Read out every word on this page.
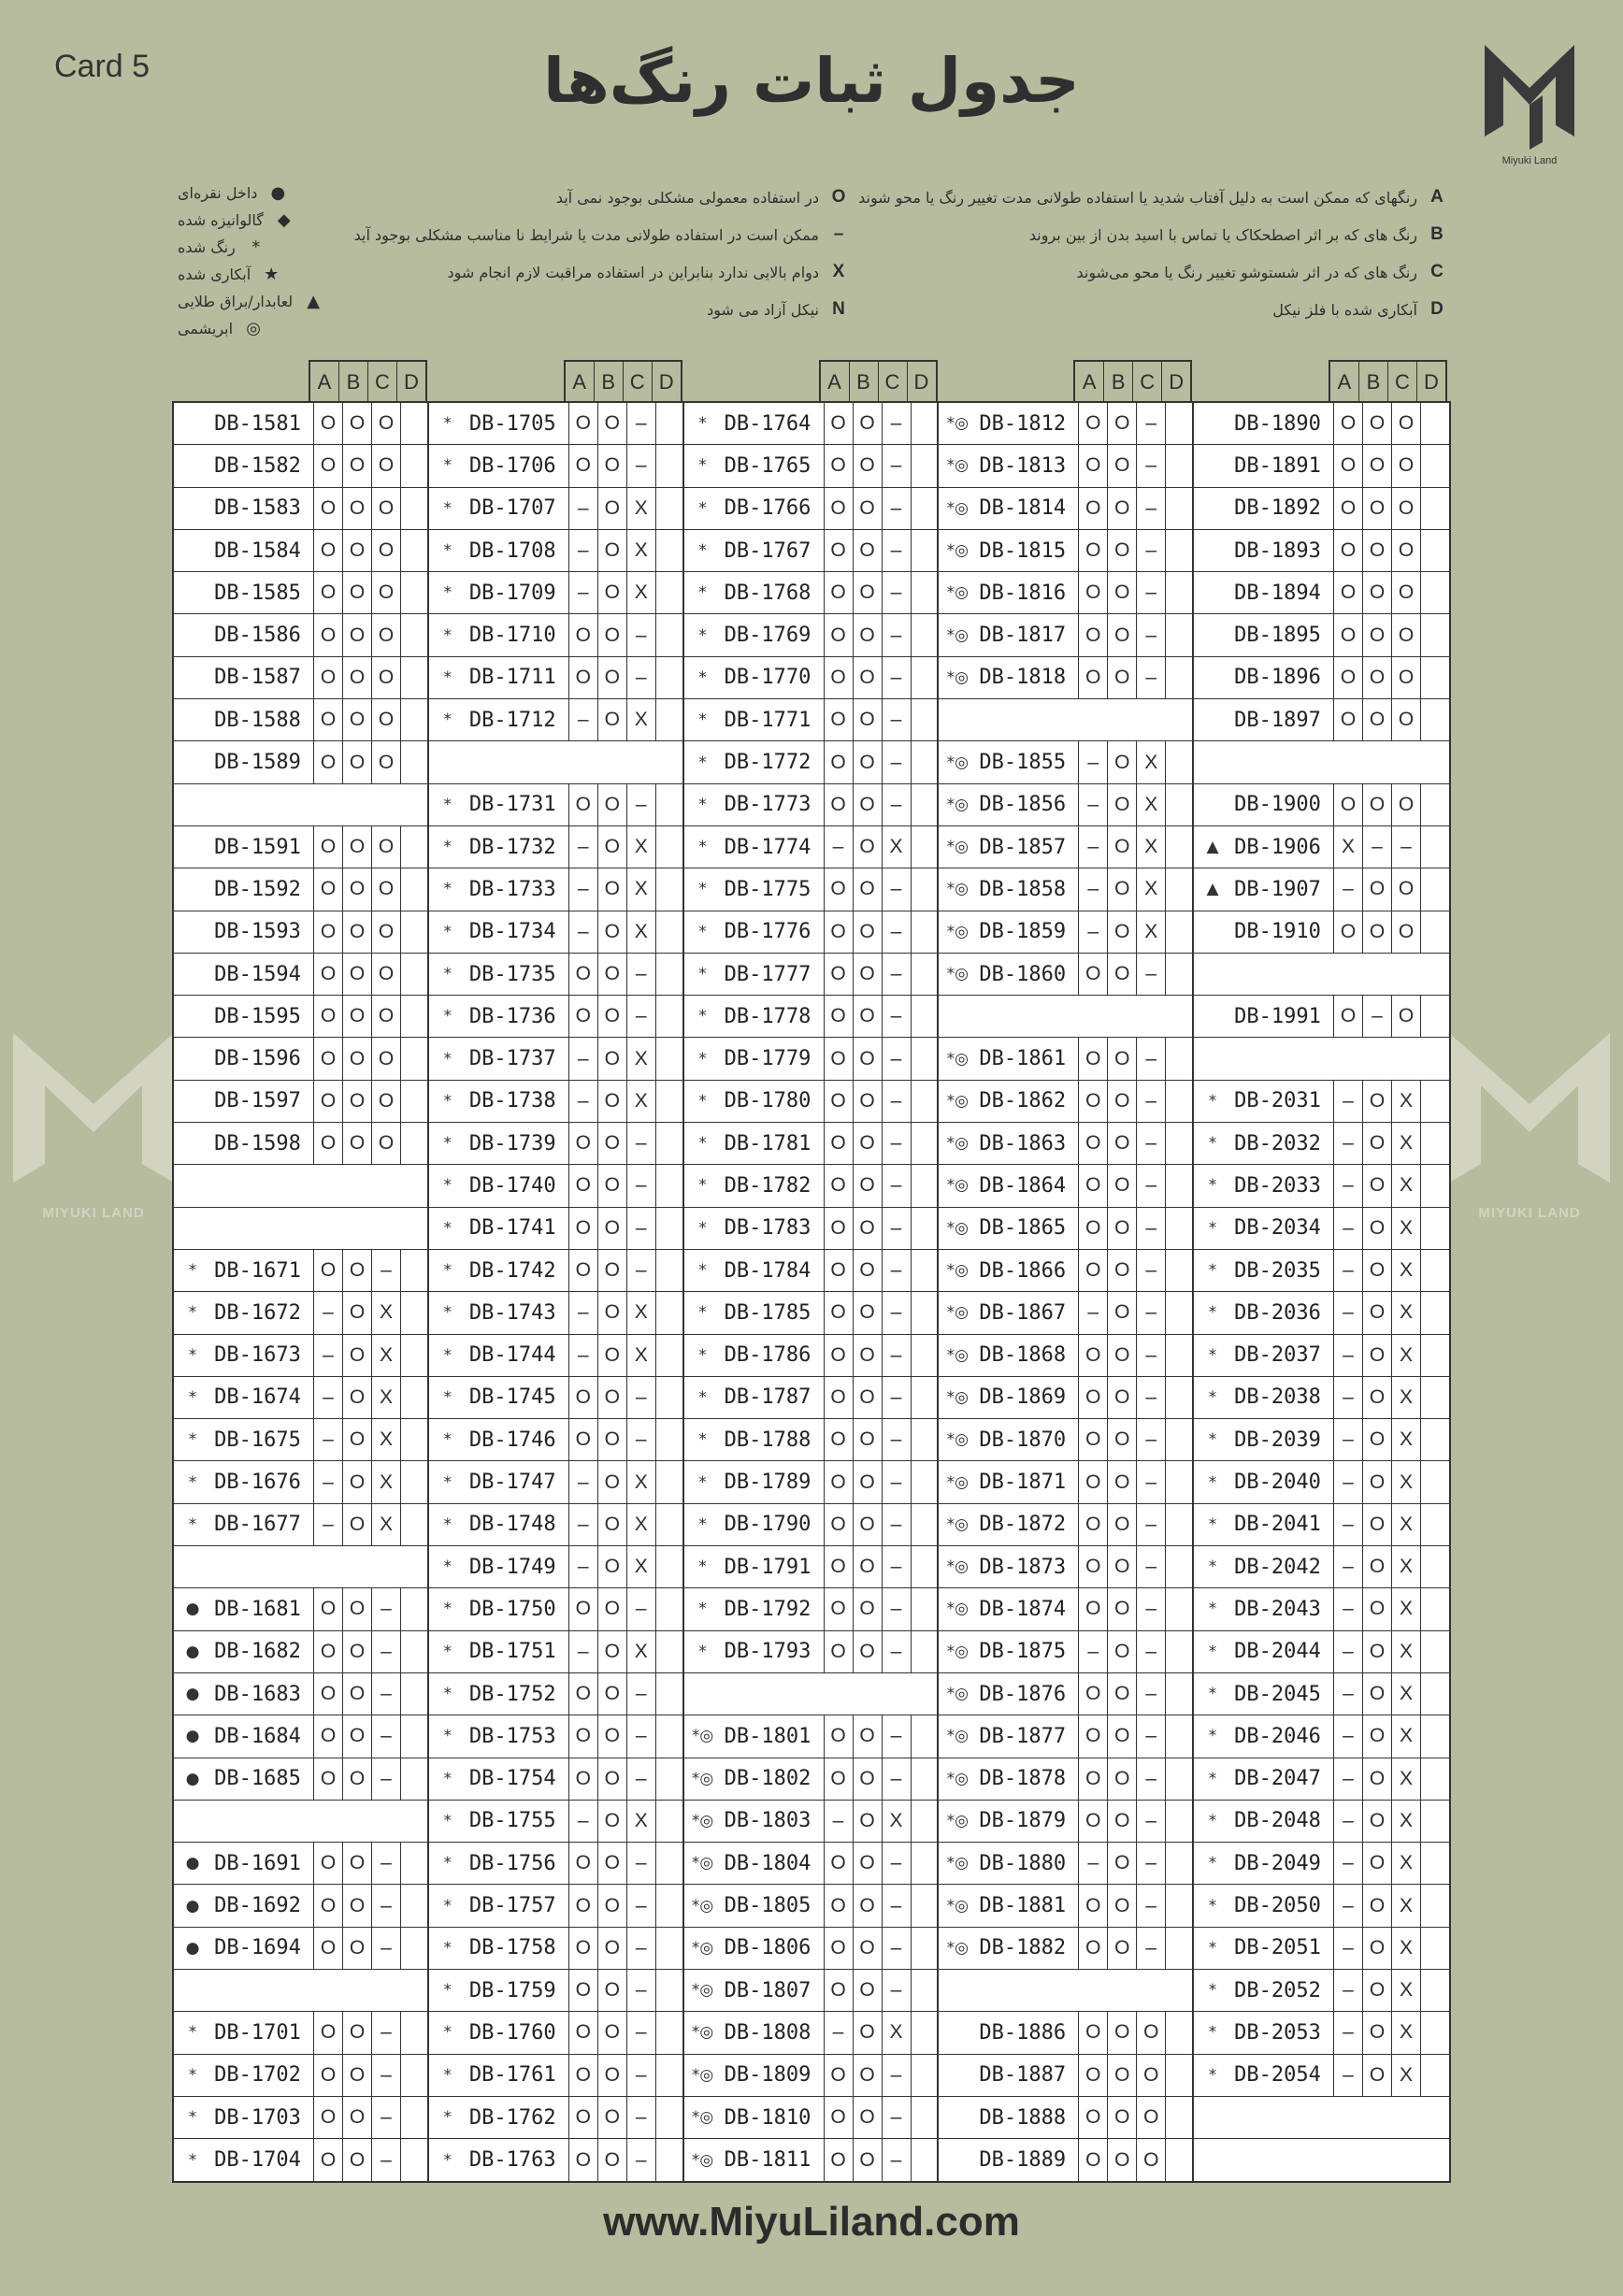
Card 5	جدول ثبات رنگ‌ها
Miyuki Land
MIYUKI LAND	MIYUKI LAND
●
داخل نقره‌ای
◆
گالوانیزه شده
*
رنگ شده
★
آبکاری شده
▲
لعابدار/براق طلایی
◎
ابریشمی
A
رنگهای که ممکن است به دلیل آفتاب شدید یا استفاده طولانی مدت تغییر رنگ یا محو شوند
O
در استفاده معمولی مشکلی بوجود نمی آید
B
رنگ های که بر اثر اصطحکاک یا تماس با اسید بدن از بین بروند
–
ممکن است در استفاده طولانی مدت یا شرایط نا مناسب مشکلی بوجود آید
C
رنگ های که در اثر شستوشو تغییر رنگ یا محو می‌شوند
X
دوام بالایی ندارد بنابراین در استفاده مراقبت لازم انجام شود
D
آبکاری شده با فلز نیکل
N
نیکل آزاد می شود
A B C D
DB-1581 O O O
DB-1582 O O O
DB-1583 O O O
DB-1584 O O O
DB-1585 O O O
DB-1586 O O O
DB-1587 O O O
DB-1588 O O O
DB-1589 O O O
DB-1591 O O O
DB-1592 O O O
DB-1593 O O O
DB-1594 O O O
DB-1595 O O O
DB-1596 O O O
DB-1597 O O O
DB-1598 O O O
* DB-1671 O O –
* DB-1672	– O X
* DB-1673	– O X
* DB-1674	– O X
* DB-1675	– O X
* DB-1676	– O X
* DB-1677	– O X
● DB-1681 O O –
● DB-1682 O O –
● DB-1683 O O –
● DB-1684 O O –
● DB-1685 O O –
● DB-1691 O O –
● DB-1692 O O –
● DB-1694 O O –
* DB-1701 O O –
* DB-1702 O O –
* DB-1703 O O –
* DB-1704 O O –
A B C D
* DB-1705 O O –
* DB-1706 O O –
* DB-1707	– O X
* DB-1708	– O X
* DB-1709	– O X
* DB-1710 O O –
* DB-1711 O O –
* DB-1712	– O X
* DB-1731 O O –
* DB-1732	– O X
* DB-1733	– O X
* DB-1734	– O X
* DB-1735 O O –
* DB-1736 O O –
* DB-1737	– O X
* DB-1738	– O X
* DB-1739 O O –
* DB-1740 O O –
* DB-1741 O O –
* DB-1742 O O –
* DB-1743	– O X
* DB-1744	– O X
* DB-1745 O O –
* DB-1746 O O –
* DB-1747	– O X
* DB-1748	– O X
* DB-1749	– O X
* DB-1750 O O –
* DB-1751	– O X
* DB-1752 O O –
* DB-1753 O O –
* DB-1754 O O –
* DB-1755	– O X
* DB-1756 O O –
* DB-1757 O O –
* DB-1758 O O –
* DB-1759 O O –
* DB-1760 O O –
* DB-1761 O O –
* DB-1762 O O –
* DB-1763 O O –
A B C D
* DB-1764 O O –
* DB-1765 O O –
* DB-1766 O O –
* DB-1767 O O –
* DB-1768 O O –
* DB-1769 O O –
* DB-1770 O O –
* DB-1771 O O –
* DB-1772 O O –
* DB-1773 O O –
* DB-1774	– O X
* DB-1775 O O –
* DB-1776 O O –
* DB-1777 O O –
* DB-1778 O O –
* DB-1779 O O –
* DB-1780 O O –
* DB-1781 O O –
* DB-1782 O O –
* DB-1783 O O –
* DB-1784 O O –
* DB-1785 O O –
* DB-1786 O O –
* DB-1787 O O –
* DB-1788 O O –
* DB-1789 O O –
* DB-1790 O O –
* DB-1791 O O –
* DB-1792 O O –
* DB-1793 O O –
*◎ DB-1801 O O –
*◎ DB-1802 O O –
*◎ DB-1803	– O X
*◎ DB-1804 O O –
*◎ DB-1805 O O –
*◎ DB-1806 O O –
*◎ DB-1807 O O –
*◎ DB-1808	– O X
*◎ DB-1809 O O –
*◎ DB-1810 O O –
*◎ DB-1811 O O –
A B C D
*◎ DB-1812 O O –
*◎ DB-1813 O O –
*◎ DB-1814 O O –
*◎ DB-1815 O O –
*◎ DB-1816 O O –
*◎ DB-1817 O O –
*◎ DB-1818 O O –
*◎ DB-1855	– O X
*◎ DB-1856	– O X
*◎ DB-1857	– O X
*◎ DB-1858	– O X
*◎ DB-1859	– O X
*◎ DB-1860 O O –
*◎ DB-1861 O O –
*◎ DB-1862 O O –
*◎ DB-1863 O O –
*◎ DB-1864 O O –
*◎ DB-1865 O O –
*◎ DB-1866 O O –
*◎ DB-1867	– O –
*◎ DB-1868 O O –
*◎ DB-1869 O O –
*◎ DB-1870 O O –
*◎ DB-1871 O O –
*◎ DB-1872 O O –
*◎ DB-1873 O O –
*◎ DB-1874 O O –
*◎ DB-1875	– O –
*◎ DB-1876 O O –
*◎ DB-1877 O O –
*◎ DB-1878 O O –
*◎ DB-1879 O O –
*◎ DB-1880	– O –
*◎ DB-1881 O O –
*◎ DB-1882 O O –
DB-1886 O O O
DB-1887 O O O
DB-1888 O O O
DB-1889 O O O
A B C D
DB-1890 O O O
DB-1891 O O O
DB-1892 O O O
DB-1893 O O O
DB-1894 O O O
DB-1895 O O O
DB-1896 O O O
DB-1897 O O O
DB-1900 O O O
▲ DB-1906	X – –
▲ DB-1907	– O O
DB-1910 O O O
DB-1991 O – O
* DB-2031	– O X
* DB-2032	– O X
* DB-2033	– O X
* DB-2034	– O X
* DB-2035	– O X
* DB-2036	– O X
* DB-2037	– O X
* DB-2038	– O X
* DB-2039	– O X
* DB-2040	– O X
* DB-2041	– O X
* DB-2042	– O X
* DB-2043	– O X
* DB-2044	– O X
* DB-2045	– O X
* DB-2046	– O X
* DB-2047	– O X
* DB-2048	– O X
* DB-2049	– O X
* DB-2050	– O X
* DB-2051	– O X
* DB-2052	– O X
* DB-2053	– O X
* DB-2054	– O X
www.MiyuLiland.com
